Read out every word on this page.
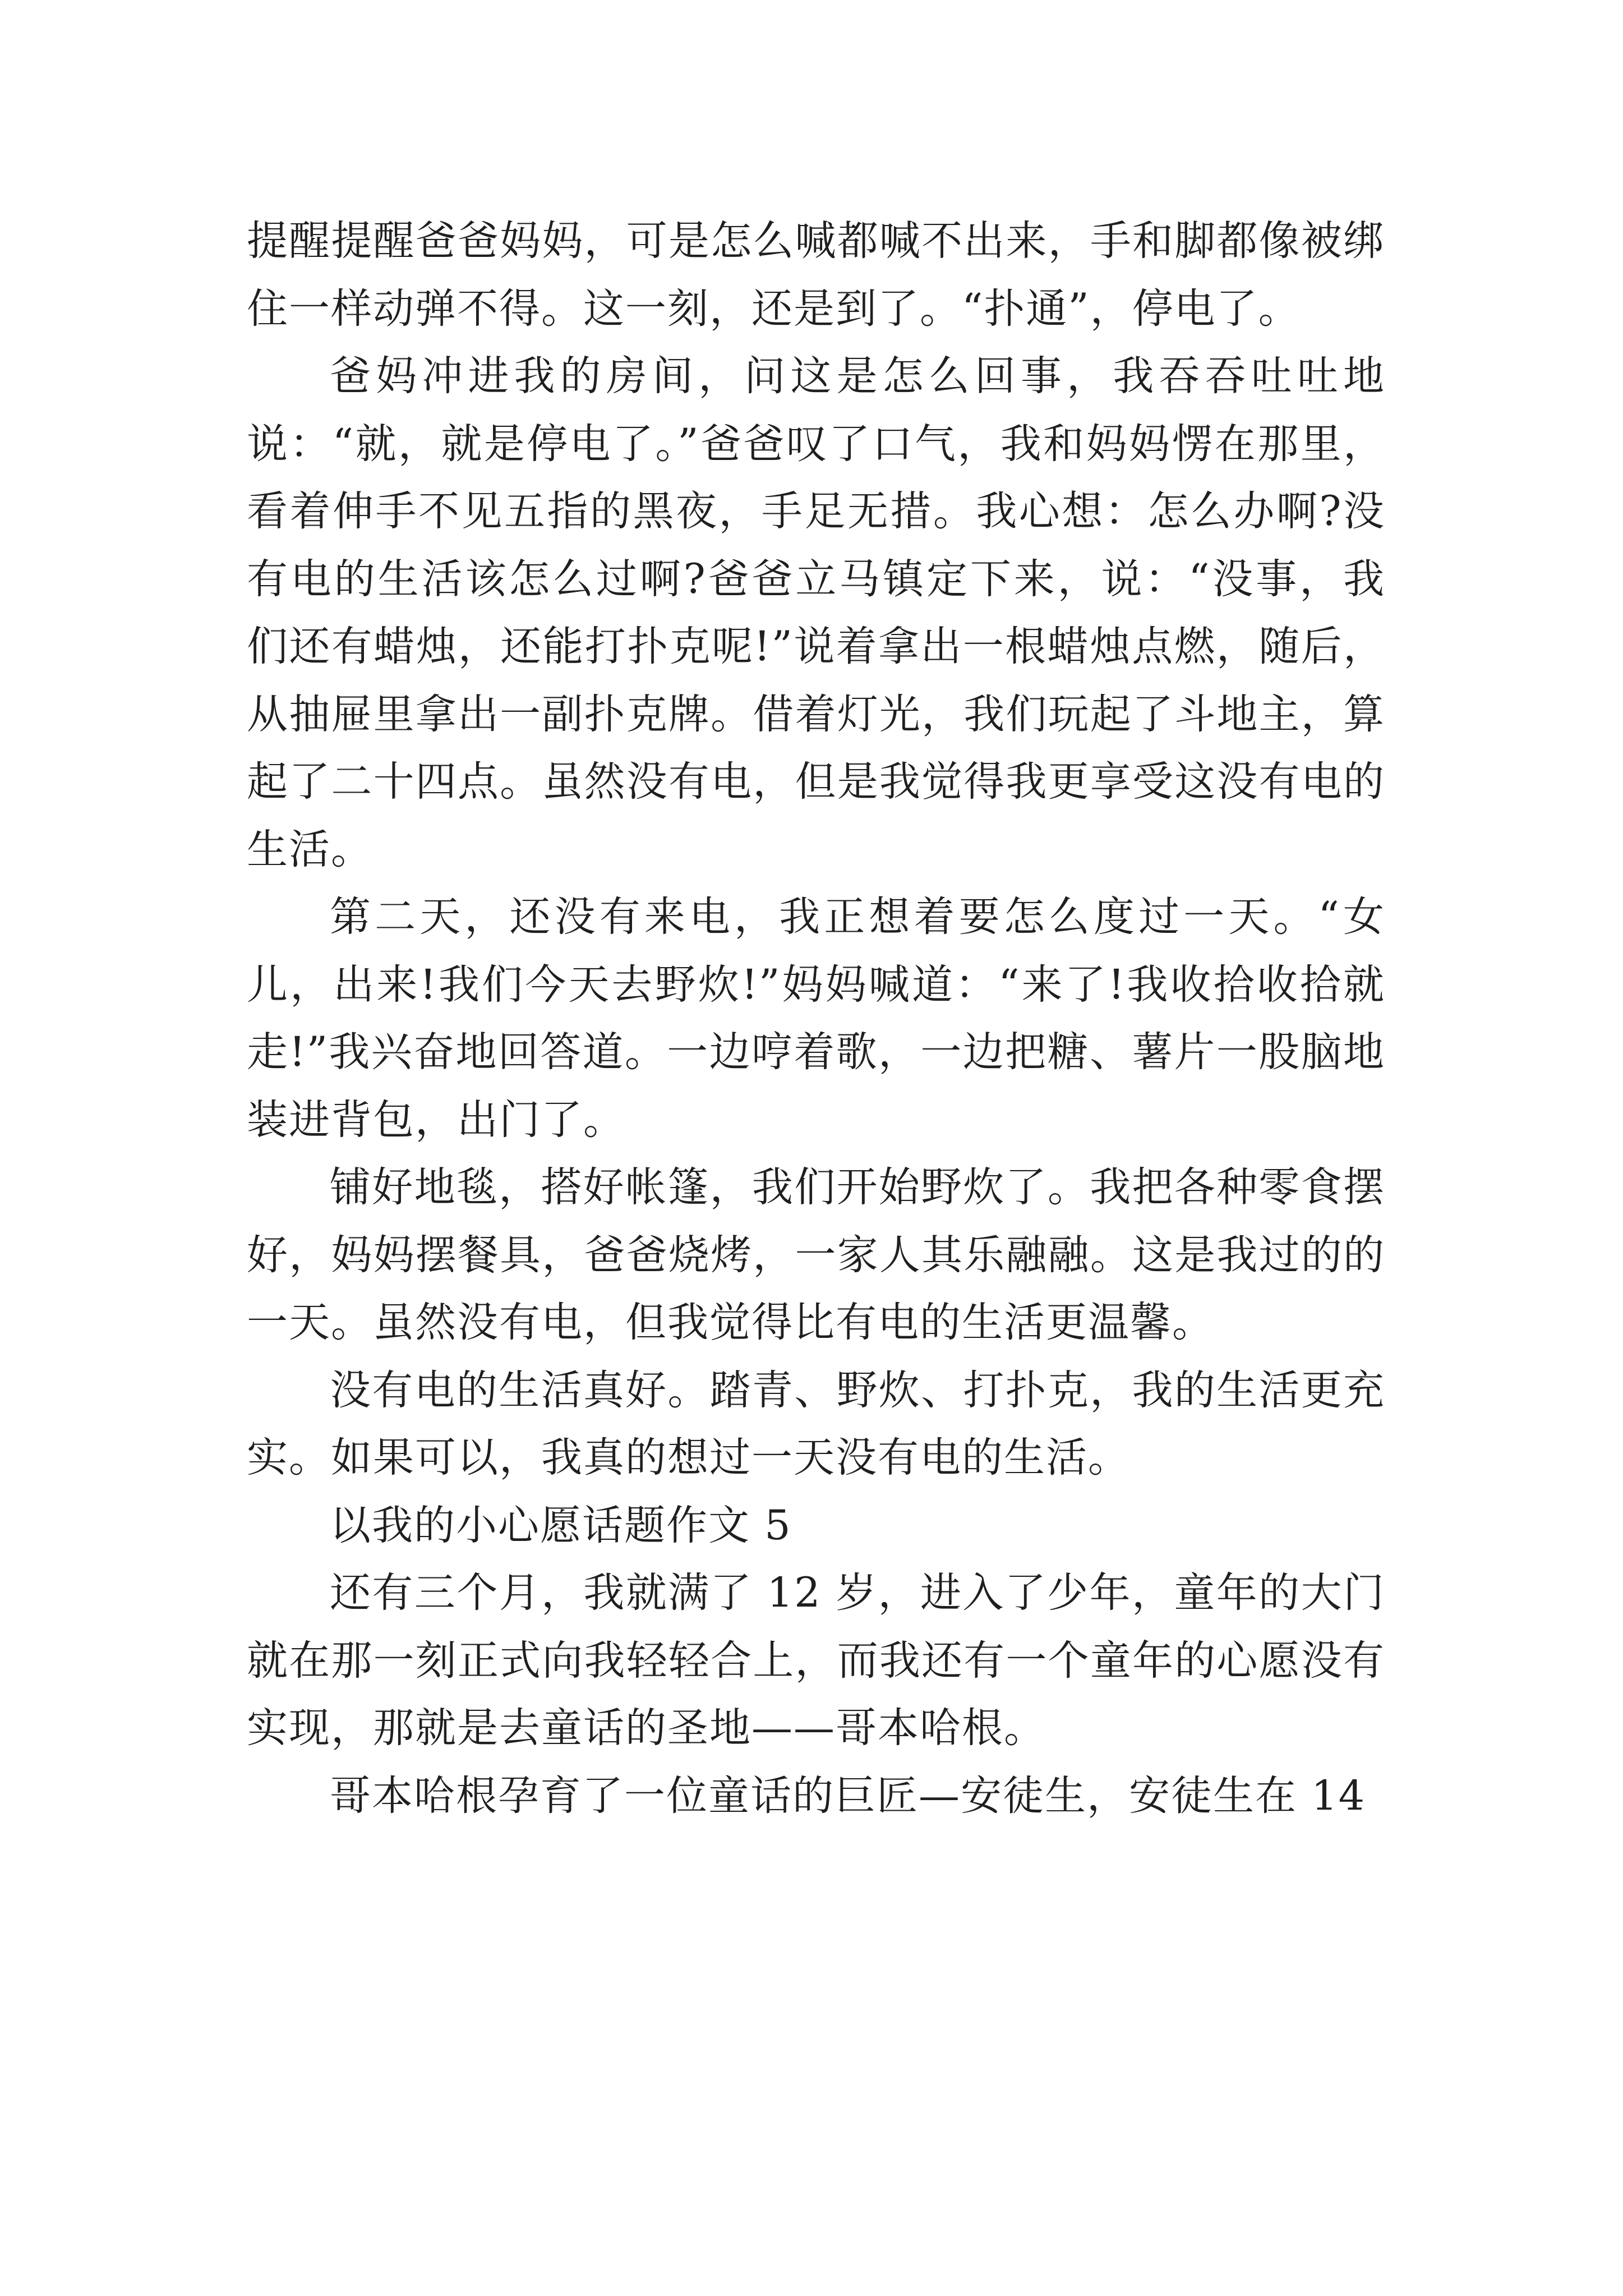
提醒提醒爸爸妈妈，可是怎么喊都喊不出来，手和脚都像被绑住一样动弹不得。这一刻，还是到了。“扑通”，停电了。

爸妈冲进我的房间，问这是怎么回事，我吞吞吐吐地说：“就，就是停电了。”爸爸叹了口气，我和妈妈愣在那里，看着伸手不见五指的黑夜，手足无措。我心想：怎么办啊?没有电的生活该怎么过啊?爸爸立马镇定下来，说：“没事，我们还有蜡烛，还能打扑克呢!”说着拿出一根蜡烛点燃，随后，从抽屉里拿出一副扑克牌。借着灯光，我们玩起了斗地主，算起了二十四点。虽然没有电，但是我觉得我更享受这没有电的生活。

第二天，还没有来电，我正想着要怎么度过一天。“女儿，出来!我们今天去野炊!”妈妈喊道：“来了!我收拾收拾就走!”我兴奋地回答道。一边哼着歌，一边把糖、薯片一股脑地装进背包，出门了。

铺好地毯，搭好帐篷，我们开始野炊了。我把各种零食摆好，妈妈摆餐具，爸爸烧烤，一家人其乐融融。这是我过的的一天。虽然没有电，但我觉得比有电的生活更温馨。

没有电的生活真好。踏青、野炊、打扑克，我的生活更充实。如果可以，我真的想过一天没有电的生活。

以我的小心愿话题作文 5

还有三个月，我就满了 12 岁，进入了少年，童年的大门就在那一刻正式向我轻轻合上，而我还有一个童年的心愿没有实现，那就是去童话的圣地——哥本哈根。

哥本哈根孕育了一位童话的巨匠—安徒生，安徒生在 14
